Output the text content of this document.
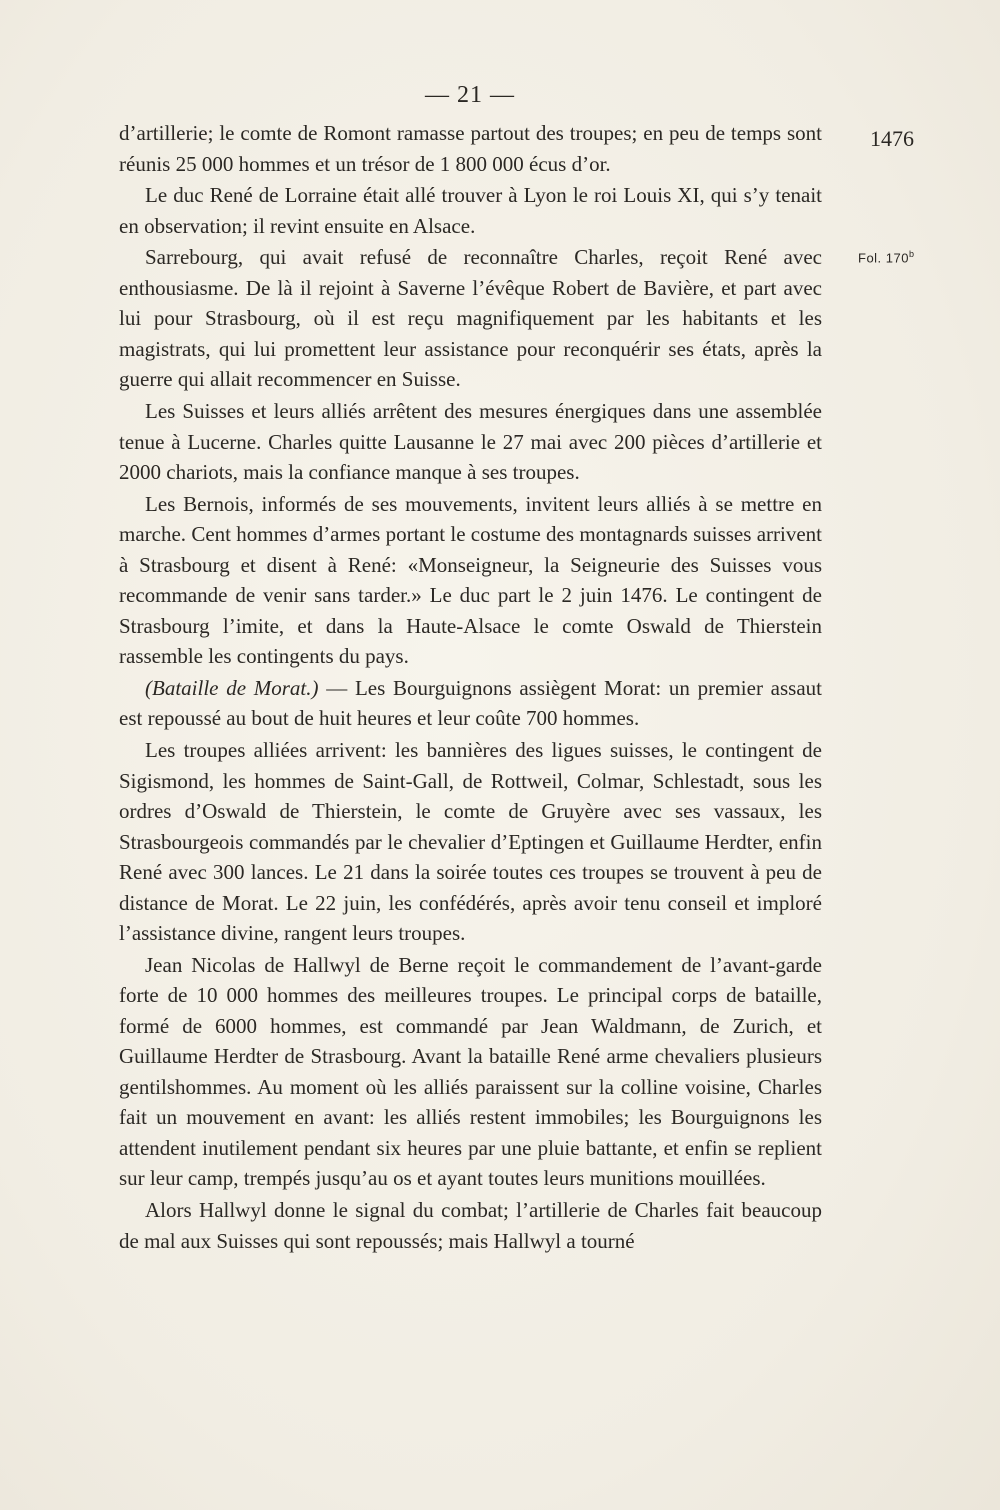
— 21 —
1476
Fol. 170$^b$

d’artillerie; le comte de Romont ramasse partout des troupes; en peu de temps sont réunis 25 000 hommes et un trésor de 1 800 000 écus d’or.

Le duc René de Lorraine était allé trouver à Lyon le roi Louis XI, qui s’y tenait en observation; il revint ensuite en Alsace.

Sarrebourg, qui avait refusé de reconnaître Charles, reçoit René avec enthousiasme. De là il rejoint à Saverne l’évêque Robert de Bavière, et part avec lui pour Strasbourg, où il est reçu magnifiquement par les habitants et les magistrats, qui lui promettent leur assistance pour reconquérir ses états, après la guerre qui allait recommencer en Suisse.

Les Suisses et leurs alliés arrêtent des mesures énergiques dans une assemblée tenue à Lucerne. Charles quitte Lausanne le 27 mai avec 200 pièces d’artillerie et 2000 chariots, mais la confiance manque à ses troupes.

Les Bernois, informés de ses mouvements, invitent leurs alliés à se mettre en marche. Cent hommes d’armes portant le costume des montagnards suisses arrivent à Strasbourg et disent à René: «Monseigneur, la Seigneurie des Suisses vous recommande de venir sans tarder.» Le duc part le 2 juin 1476. Le contingent de Strasbourg l’imite, et dans la Haute-Alsace le comte Oswald de Thierstein rassemble les contingents du pays.

(Bataille de Morat.) — Les Bourguignons assiègent Morat: un premier assaut est repoussé au bout de huit heures et leur coûte 700 hommes.

Les troupes alliées arrivent: les bannières des ligues suisses, le contingent de Sigismond, les hommes de Saint-Gall, de Rottweil, Colmar, Schlestadt, sous les ordres d’Oswald de Thierstein, le comte de Gruyère avec ses vassaux, les Strasbourgeois commandés par le chevalier d’Eptingen et Guillaume Herdter, enfin René avec 300 lances. Le 21 dans la soirée toutes ces troupes se trouvent à peu de distance de Morat. Le 22 juin, les confédérés, après avoir tenu conseil et imploré l’assistance divine, rangent leurs troupes.

Jean Nicolas de Hallwyl de Berne reçoit le commandement de l’avant-garde forte de 10 000 hommes des meilleures troupes. Le principal corps de bataille, formé de 6000 hommes, est commandé par Jean Waldmann, de Zurich, et Guillaume Herdter de Strasbourg. Avant la bataille René arme chevaliers plusieurs gentilshommes. Au moment où les alliés paraissent sur la colline voisine, Charles fait un mouvement en avant: les alliés restent immobiles; les Bourguignons les attendent inutilement pendant six heures par une pluie battante, et enfin se replient sur leur camp, trempés jusqu’au os et ayant toutes leurs munitions mouillées.

Alors Hallwyl donne le signal du combat; l’artillerie de Charles fait beaucoup de mal aux Suisses qui sont repoussés; mais Hallwyl a tourné
